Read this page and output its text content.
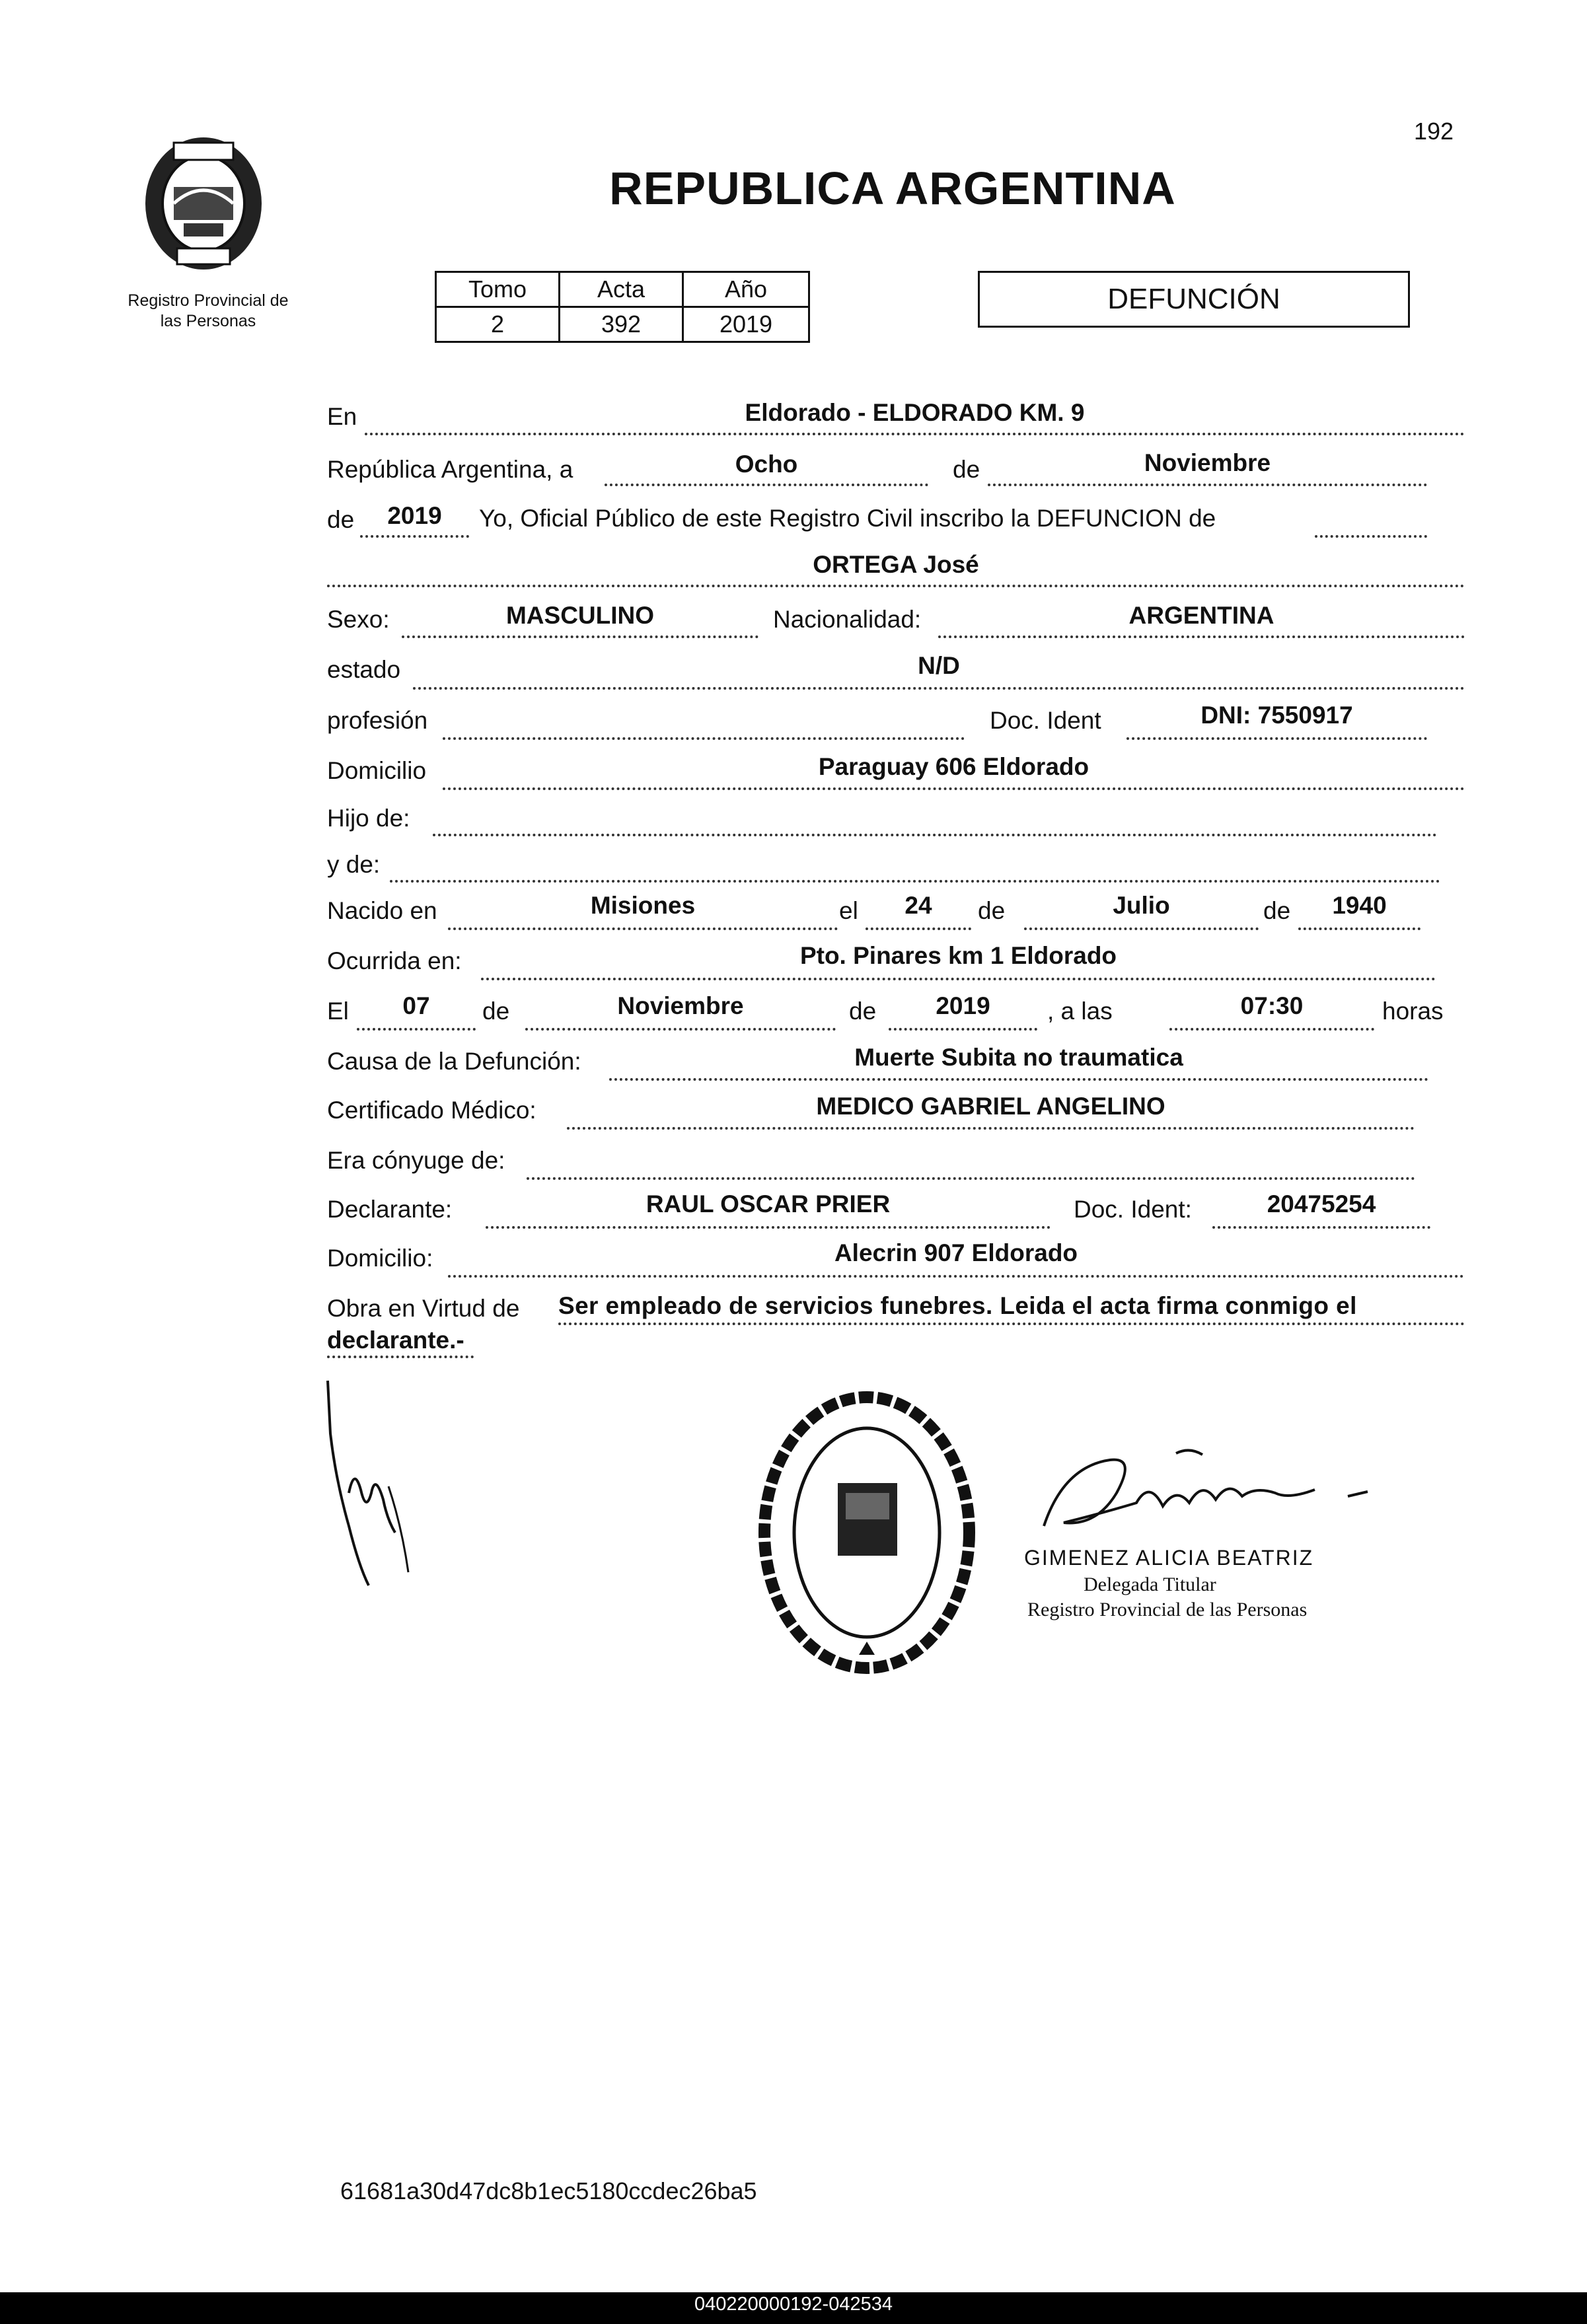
192
Registro Provincial de
las Personas
REPUBLICA ARGENTINA
Tomo	Acta	Año
2	392	2019
DEFUNCIÓN
En	Eldorado - ELDORADO KM. 9
República Argentina, a	Ocho	de	Noviembre
de	2019	Yo, Oficial Público de este Registro Civil inscribo la DEFUNCION de
ORTEGA José
Sexo:	MASCULINO	Nacionalidad:	ARGENTINA
estado	N/D
profesión	Doc. Ident	DNI: 7550917
Domicilio	Paraguay 606 Eldorado
Hijo de:
y de:
Nacido en	Misiones	el	24	de	Julio	de	1940
Ocurrida en:	Pto. Pinares km 1 Eldorado
El	07	de	Noviembre	de	2019	, a las	07:30	horas
Causa de la Defunción:	Muerte Subita no traumatica
Certificado Médico:	MEDICO GABRIEL ANGELINO
Era cónyuge de:
Declarante:	RAUL OSCAR PRIER	Doc. Ident:	20475254
Domicilio:	Alecrin 907 Eldorado
Obra en Virtud de Ser empleado de servicios funebres. Leida el acta firma conmigo el
declarante.-
GIMENEZ ALICIA BEATRIZ
Delegada Titular
Registro Provincial de las Personas
61681a30d47dc8b1ec5180ccdec26ba5
040220000192-042534
